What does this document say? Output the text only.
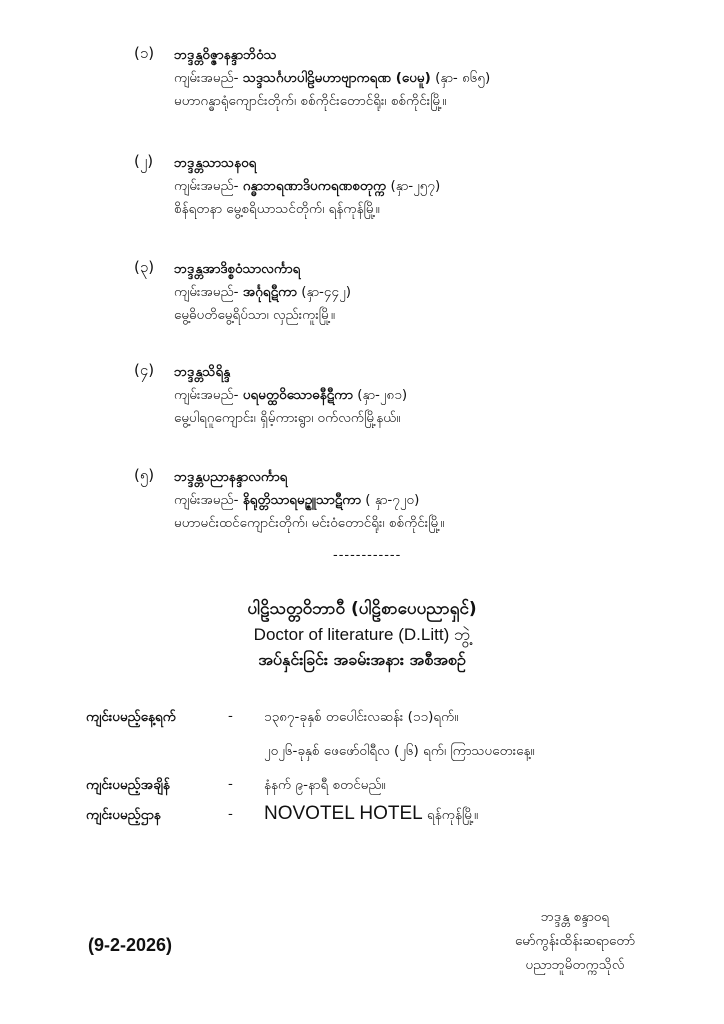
(၁) ဘဒ္ဒန္တဝိဇ္ဇာနန္ဒာဘိဝံသ
ကျမ်းအမည်- သဒ္ဒသင်္ဂဟပါဠိမဟာဗျာကရဏ (ပေမူ) (နှာ- ၈၆၅)
မဟာဂန္ဓာရုံကျောင်းတိုက်၊ စစ်ကိုင်းတောင်ရိုး၊ စစ်ကိုင်းမြို့။
(၂) ဘဒ္ဒန္တသာသနဝရ
ကျမ်းအမည်- ဂန္ဓာဘရဏာဒိပကရဏစတုက္က (နှာ-၂၅၇)
စိန်ရတနာ မွေ့စရိယာသင်တိုက်၊ ရန်ကုန်မြို့။
(၃) ဘဒ္ဒန္တအာဒိစ္စဝံသာလင်္ကာရ
ကျမ်းအမည်- အင်္ဂုရဋီကာ (နှာ-၄၄၂)
မွေ့ဓိပတိမွေ့ရိပ်သာ၊ လှည်းကူးမြို့။
(၄) ဘဒ္ဒန္တသိရိန္ဒ
ကျမ်းအမည်- ပရမတ္ထဝိသောဓနီဋီကာ (နှာ-၂၈၁)
မွေ့ပါရဂူကျောင်း၊ ရှိမ့်ကားရွာ၊ ဝက်လက်မြို့နယ်။
(၅) ဘဒ္ဒန္တပညာနန္ဒာလင်္ကာရ
ကျမ်းအမည်- နိရုတ္တိသာရမဉ္ဇူသာဋီကာ ( နှာ-၇၂၀)
မဟာမင်းထင်ကျောင်းတိုက်၊ မင်းဝံတောင်ရိုး၊ စစ်ကိုင်းမြို့။
------------
ပါဠိသတ္တဝိဘာဝီ (ပါဠိစာပေပညာရှင်)
Doctor of literature (D.Litt) ဘွဲ့
အပ်နှင်းခြင်း အခမ်းအနား အစီအစဉ်
ကျင်းပမည့်နေ့ရက်	- ၁၃၈၇-ခုနှစ် တပေါင်းလဆန်း (၁၁)ရက်။
၂၀၂၆-ခုနှစ် ဖေဖော်ဝါရီလ (၂၆) ရက်၊ ကြာသပတေးနေ့။
ကျင်းပမည့်အချိန်	- နံနက် ၉-နာရီ စတင်မည်။
ကျင်းပမည့်ဌာန	- NOVOTEL HOTEL ရန်ကုန်မြို့။
(9-2-2026)
ဘဒ္ဒန္တ စန္ဒာဝရ
မော်ကွန်းထိန်းဆရာတော်
ပညာဘူမိတက္ကသိုလ်
